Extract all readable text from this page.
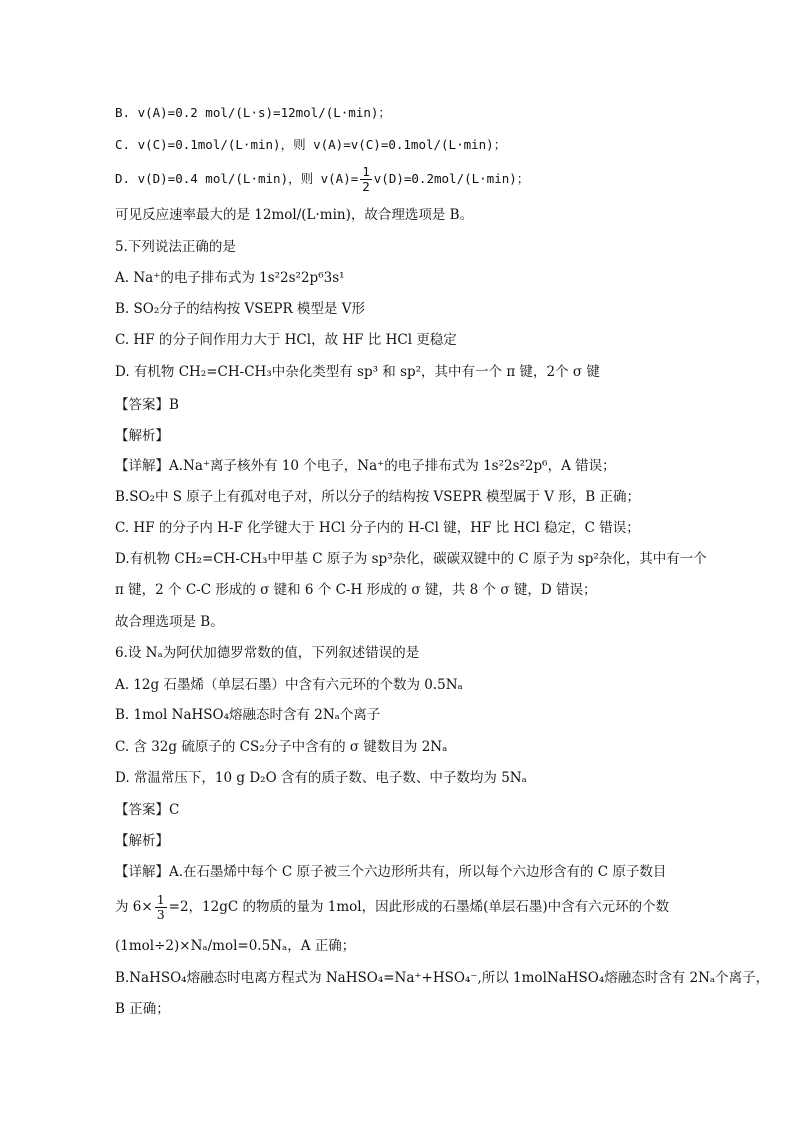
B. v(A)=0.2 mol/(L·s)=12mol/(L·min)；
C. v(C)=0.1mol/(L·min)，则 v(A)=v(C)=0.1mol/(L·min)；
D. v(D)=0.4 mol/(L·min)，则 $v(A)= \frac{1}{2} v(D)=0.2mol/(L\cdot\min)$；
可见反应速率最大的是 12mol/(L·min)，故合理选项是 B。
5.下列说法正确的是
A. Na⁺的电子排布式为 1s²2s²2p⁶3s¹
B. SO₂分子的结构按 VSEPR 模型是 V形
C. HF 的分子间作用力大于 HCl，故 HF 比 HCl 更稳定
D. 有机物 CH₂=CH-CH₃中杂化类型有 sp³ 和 sp²，其中有一个 π 键，2个 σ 键
【答案】B
【解析】
【详解】A.Na⁺离子核外有 10 个电子，Na⁺的电子排布式为 1s²2s²2p⁶，A 错误；
B.SO₂中 S 原子上有孤对电子对，所以分子的结构按 VSEPR 模型属于 V 形，B 正确；
C. HF 的分子内 H-F 化学键大于 HCl 分子内的 H-Cl 键，HF 比 HCl 稳定，C 错误；
D.有机物 CH₂=CH-CH₃中甲基 C 原子为 sp³杂化，碳碳双键中的 C 原子为 sp²杂化，其中有一个
π 键，2 个 C-C 形成的 σ 键和 6 个 C-H 形成的 σ 键，共 8 个 σ 键，D 错误；
故合理选项是 B。
6.设 Nₐ为阿伏加德罗常数的值，下列叙述错误的是
A. 12g 石墨烯（单层石墨）中含有六元环的个数为 0.5Nₐ
B. 1mol NaHSO₄熔融态时含有 2Nₐ个离子
C. 含 32g 硫原子的 CS₂分子中含有的 σ 键数目为 2Nₐ
D. 常温常压下，10 g D₂O 含有的质子数、电子数、中子数均为 5Nₐ
【答案】C
【解析】
【详解】A.在石墨烯中每个 C 原子被三个六边形所共有，所以每个六边形含有的 C 原子数目
为 $6\times \frac{1}{3} =2$，12gC 的物质的量为 1mol，因此形成的石墨烯(单层石墨)中含有六元环的个数
(1mol÷2)×Nₐ/mol=0.5Nₐ，A 正确；
B.NaHSO₄熔融态时电离方程式为 NaHSO₄=Na⁺+HSO₄⁻,所以 1molNaHSO₄熔融态时含有 2Nₐ个离子，
B 正确；
